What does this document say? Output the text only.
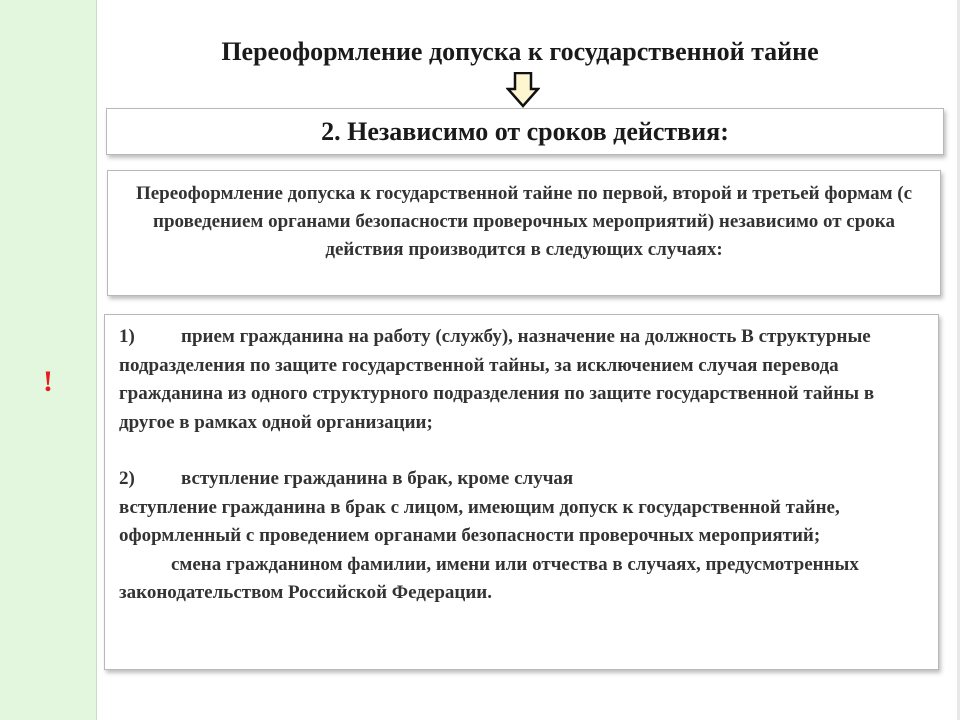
!
Переоформление допуска к государственной тайне
2. Независимо от сроков действия:
Переоформление допуска к государственной тайне по первой, второй и третьей формам (с проведением органами безопасности проверочных мероприятий) независимо от срока действия производится в следующих случаях:

1) прием гражданина на работу (службу), назначение на должность В структурные подразделения по защите государственной тайны, за исключением случая перевода гражданина из одного структурного подразделения по защите государственной тайны в другое в рамках одной организации;

2) вступление гражданина в брак, кроме случая

вступление гражданина в брак с лицом, имеющим допуск к государственной тайне, оформленный с проведением органами безопасности проверочных мероприятий;

смена гражданином фамилии, имени или отчества в случаях, предусмотренных законодательством Российской Федерации.
